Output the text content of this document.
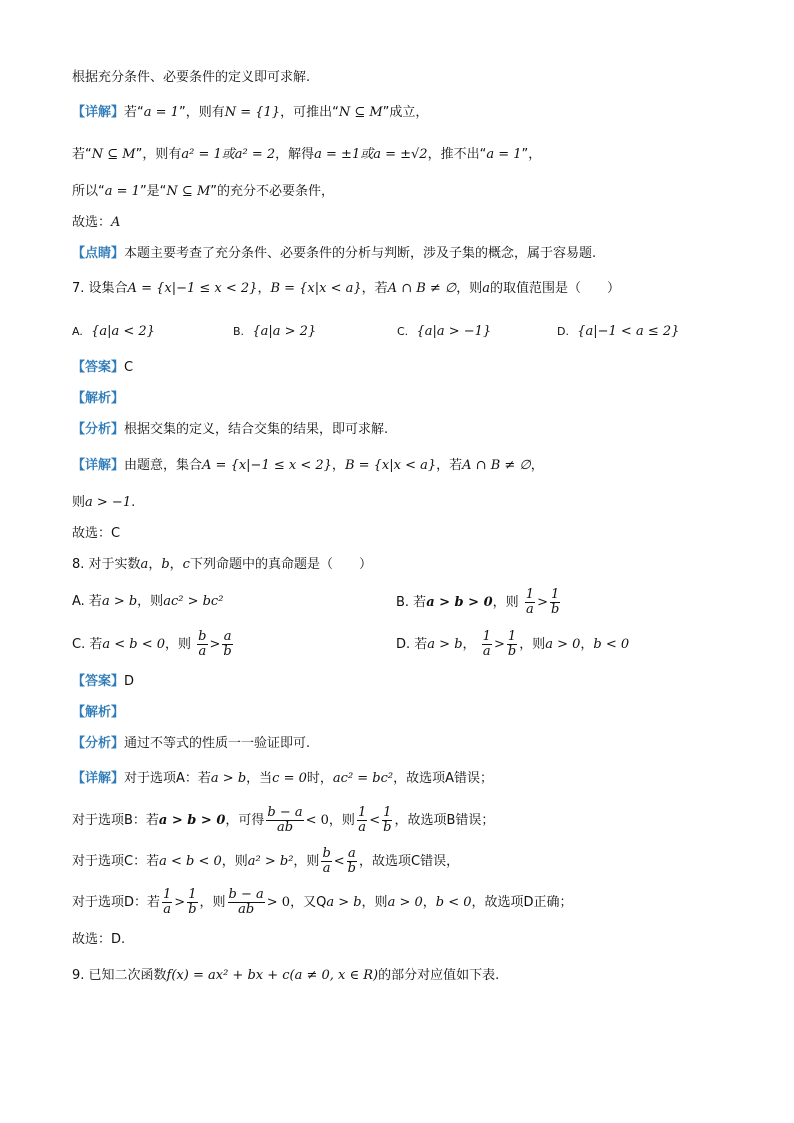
根据充分条件、必要条件的定义即可求解.
【详解】若“a = 1”，则有N = {1}，可推出“N ⊆ M”成立，
若“N ⊆ M”，则有a² = 1或a² = 2，解得a = ±1或a = ±√2，推不出“a = 1”，
所以“a = 1”是“N ⊆ M”的充分不必要条件，
故选：A
【点睛】本题主要考查了充分条件、必要条件的分析与判断，涉及子集的概念，属于容易题.
7. 设集合A = {x|−1 ≤ x < 2}，B = {x|x < a}，若A ∩ B ≠ ∅，则a的取值范围是（　　）
A. {a|a < 2}	B. {a|a > 2}	C. {a|a > −1}	D. {a|−1 < a ≤ 2}
【答案】C
【解析】
【分析】根据交集的定义，结合交集的结果，即可求解.
【详解】由题意，集合A = {x|−1 ≤ x < 2}，B = {x|x < a}，若A ∩ B ≠ ∅，
则a > −1.
故选：C
8. 对于实数a，b，c下列命题中的真命题是（　　）
A. 若a > b，则ac² > bc²	B. 若a > b > 0，则 $\frac{1}{a} > \frac{1}{b}$
C. 若a < b < 0，则 $\frac{b}{a} > \frac{a}{b}$	D. 若a > b， $\frac{1}{a} > \frac{1}{b}$ ，则a > 0，b < 0
【答案】D
【解析】
【分析】通过不等式的性质一一验证即可.
【详解】对于选项A：若a > b，当c = 0时，ac² = bc²，故选项A错误；
对于选项B：若a > b > 0，可得 $\frac{b - a}{ab} < 0$，则 $\frac{1}{a} < \frac{1}{b}$ ，故选项B错误；
对于选项C：若a < b < 0，则a² > b²，则 $\frac{b}{a} < \frac{a}{b}$ ，故选项C错误，
对于选项D：若 $\frac{1}{a} > \frac{1}{b}$ ，则 $\frac{b - a}{ab} > 0$，又Qa > b，则a > 0，b < 0，故选项D正确；
故选：D.
9. 已知二次函数f(x) = ax² + bx + c(a ≠ 0, x ∈ R)的部分对应值如下表.
